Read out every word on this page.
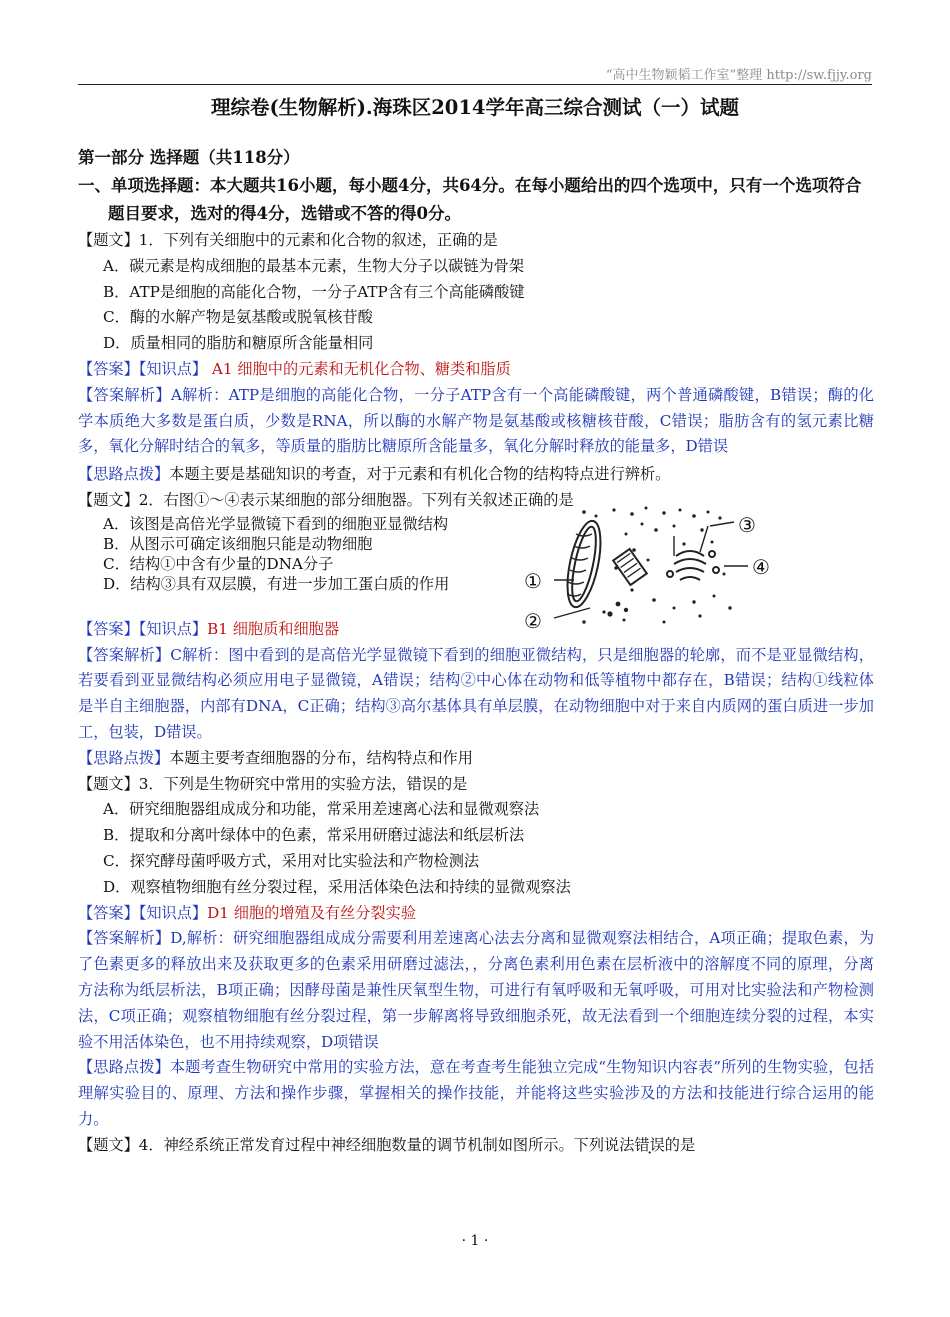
“高中生物颖韬工作室”整理 http://sw.fjjy.org
理综卷(生物解析).海珠区2014学年高三综合测试（一）试题

第一部分 选择题（共118分）

一、单项选择题：本大题共16小题，每小题4分，共64分。在每小题给出的四个选项中，只有一个选项符合题目要求，选对的得4分，选错或不答的得0分。

【题文】1．下列有关细胞中的元素和化合物的叙述，正确的是

A．碳元素是构成细胞的最基本元素，生物大分子以碳链为骨架

B．ATP是细胞的高能化合物，一分子ATP含有三个高能磷酸键

C．酶的水解产物是氨基酸或脱氧核苷酸

D．质量相同的脂肪和糖原所含能量相同

【答案】【知识点】 A1 细胞中的元素和无机化合物、糖类和脂质

【答案解析】A解析：ATP是细胞的高能化合物，一分子ATP含有一个高能磷酸键，两个普通磷酸键，B错误；酶的化学本质绝大多数是蛋白质，少数是RNA，所以酶的水解产物是氨基酸或核糖核苷酸，C错误；脂肪含有的氢元素比糖多，氧化分解时结合的氧多，等质量的脂肪比糖原所含能量多，氧化分解时释放的能量多，D错误

【思路点拨】本题主要是基础知识的考查，对于元素和有机化合物的结构特点进行辨析。

【题文】2．右图①～④表示某细胞的部分细胞器。下列有关叙述正确的是

A．该图是高倍光学显微镜下看到的细胞亚显微结构

B．从图示可确定该细胞只能是动物细胞

C．结构①中含有少量的DNA分子

D．结构③具有双层膜，有进一步加工蛋白质的作用	①
②
③
④

【答案】【知识点】B1 细胞质和细胞器

【答案解析】C解析：图中看到的是高倍光学显微镜下看到的细胞亚微结构，只是细胞器的轮廓，而不是亚显微结构，若要看到亚显微结构必须应用电子显微镜，A错误；结构②中心体在动物和低等植物中都存在，B错误；结构①线粒体是半自主细胞器，内部有DNA，C正确；结构③高尔基体具有单层膜，在动物细胞中对于来自内质网的蛋白质进一步加工，包装，D错误。

【思路点拨】本题主要考查细胞器的分布，结构特点和作用

【题文】3．下列是生物研究中常用的实验方法，错误的是

A．研究细胞器组成成分和功能，常采用差速离心法和显微观察法

B．提取和分离叶绿体中的色素，常采用研磨过滤法和纸层析法

C．探究酵母菌呼吸方式，采用对比实验法和产物检测法

D．观察植物细胞有丝分裂过程，采用活体染色法和持续的显微观察法

【答案】【知识点】D1 细胞的增殖及有丝分裂实验

【答案解析】D,解析：研究细胞器组成成分需要利用差速离心法去分离和显微观察法相结合，A项正确；提取色素，为了色素更多的释放出来及获取更多的色素采用研磨过滤法，，分离色素利用色素在层析液中的溶解度不同的原理，分离方法称为纸层析法，B项正确；因酵母菌是兼性厌氧型生物，可进行有氧呼吸和无氧呼吸，可用对比实验法和产物检测法，C项正确；观察植物细胞有丝分裂过程，第一步解离将导致细胞杀死，故无法看到一个细胞连续分裂的过程，本实验不用活体染色，也不用持续观察，D项错误

【思路点拨】本题考查生物研究中常用的实验方法，意在考查考生能独立完成“生物知识内容表”所列的生物实验，包括理解实验目的、原理、方法和操作步骤，掌握相关的操作技能，并能将这些实验涉及的方法和技能进行综合运用的能力。

【题文】4．神经系统正常发育过程中神经细胞数量的调节机制如图所示。下列说法错误的是

· 1 ·
